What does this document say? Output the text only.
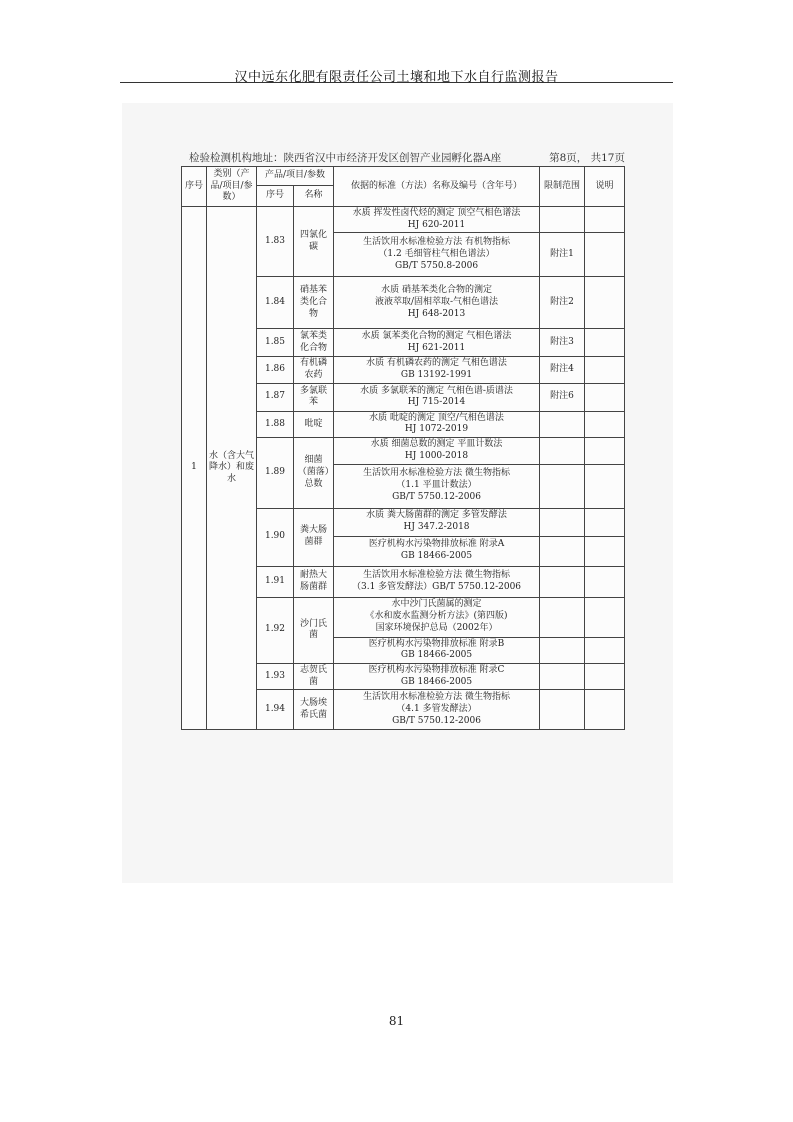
汉中远东化肥有限责任公司土壤和地下水自行监测报告
检验检测机构地址：陕西省汉中市经济开发区创智产业园孵化器A座	第8页， 共17页
序号	类别（产品/项目/参数）	产品/项目/参数		依据的标准（方法）名称及编号（含年号）	限制范围	说明
		序号	名称			
1	水（含大气降水）和废水	1.83	四氯化碳	水质 挥发性卤代烃的测定 顶空气相色谱法
HJ 620-2011		
				生活饮用水标准检验方法 有机物指标
（1.2 毛细管柱气相色谱法）
GB/T 5750.8-2006	附注1	
		1.84	硝基苯类化合物	水质 硝基苯类化合物的测定
液液萃取/固相萃取-气相色谱法
HJ 648-2013	附注2	
		1.85	氯苯类化合物	水质 氯苯类化合物的测定 气相色谱法
HJ 621-2011	附注3	
		1.86	有机磷农药	水质 有机磷农药的测定 气相色谱法
GB 13192-1991	附注4	
		1.87	多氯联苯	水质 多氯联苯的测定 气相色谱-质谱法
HJ 715-2014	附注6	
		1.88	吡啶	水质 吡啶的测定 顶空/气相色谱法
HJ 1072-2019		
		1.89	细菌（菌落）总数	水质 细菌总数的测定 平皿计数法
HJ 1000-2018		
				生活饮用水标准检验方法 微生物指标
（1.1 平皿计数法）
GB/T 5750.12-2006		
		1.90	粪大肠菌群	水质 粪大肠菌群的测定 多管发酵法
HJ 347.2-2018		
				医疗机构水污染物排放标准 附录A
GB 18466-2005		
		1.91	耐热大肠菌群	生活饮用水标准检验方法 微生物指标
（3.1 多管发酵法）GB/T 5750.12-2006		
		1.92	沙门氏菌	水中沙门氏菌属的测定
《水和废水监测分析方法》(第四版)
国家环境保护总局（2002年）		
				医疗机构水污染物排放标准 附录B
GB 18466-2005		
		1.93	志贺氏菌	医疗机构水污染物排放标准 附录C
GB 18466-2005		
		1.94	大肠埃希氏菌	生活饮用水标准检验方法 微生物指标
（4.1 多管发酵法）
GB/T 5750.12-2006		
81
